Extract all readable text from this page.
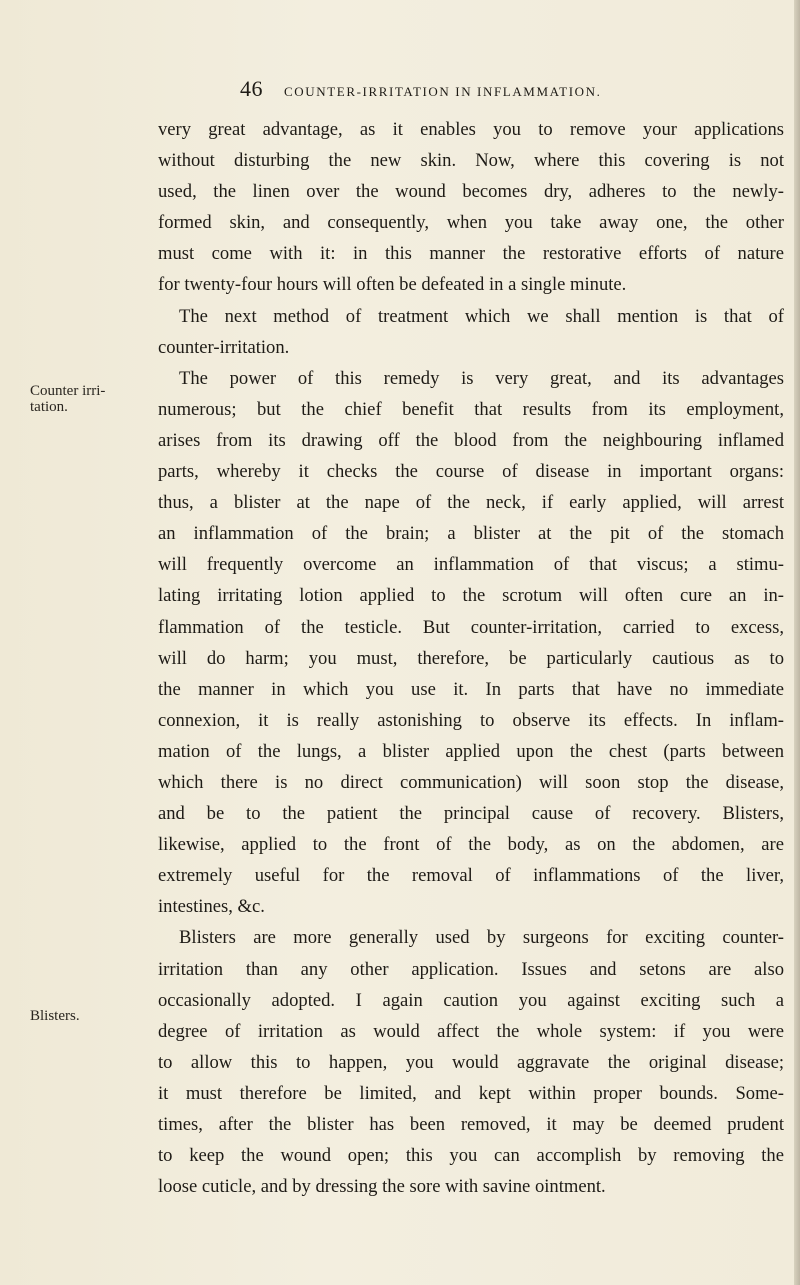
46 COUNTER-IRRITATION IN INFLAMMATION.
Counter irri-
tation.
Blisters.
very great advantage, as it enables you to remove your applications
without disturbing the new skin. Now, where this covering is not
used, the linen over the wound becomes dry, adheres to the newly-
formed skin, and consequently, when you take away one, the other
must come with it: in this manner the restorative efforts of nature
for twenty-four hours will often be defeated in a single minute.
The next method of treatment which we shall mention is that of
counter-irritation.
The power of this remedy is very great, and its advantages
numerous; but the chief benefit that results from its employment,
arises from its drawing off the blood from the neighbouring inflamed
parts, whereby it checks the course of disease in important organs:
thus, a blister at the nape of the neck, if early applied, will arrest
an inflammation of the brain; a blister at the pit of the stomach
will frequently overcome an inflammation of that viscus; a stimu-
lating irritating lotion applied to the scrotum will often cure an in-
flammation of the testicle. But counter-irritation, carried to excess,
will do harm; you must, therefore, be particularly cautious as to
the manner in which you use it. In parts that have no immediate
connexion, it is really astonishing to observe its effects. In inflam-
mation of the lungs, a blister applied upon the chest (parts between
which there is no direct communication) will soon stop the disease,
and be to the patient the principal cause of recovery. Blisters,
likewise, applied to the front of the body, as on the abdomen, are
extremely useful for the removal of inflammations of the liver,
intestines, &c.
Blisters are more generally used by surgeons for exciting counter-
irritation than any other application. Issues and setons are also
occasionally adopted. I again caution you against exciting such a
degree of irritation as would affect the whole system: if you were
to allow this to happen, you would aggravate the original disease;
it must therefore be limited, and kept within proper bounds. Some-
times, after the blister has been removed, it may be deemed prudent
to keep the wound open; this you can accomplish by removing the
loose cuticle, and by dressing the sore with savine ointment.
